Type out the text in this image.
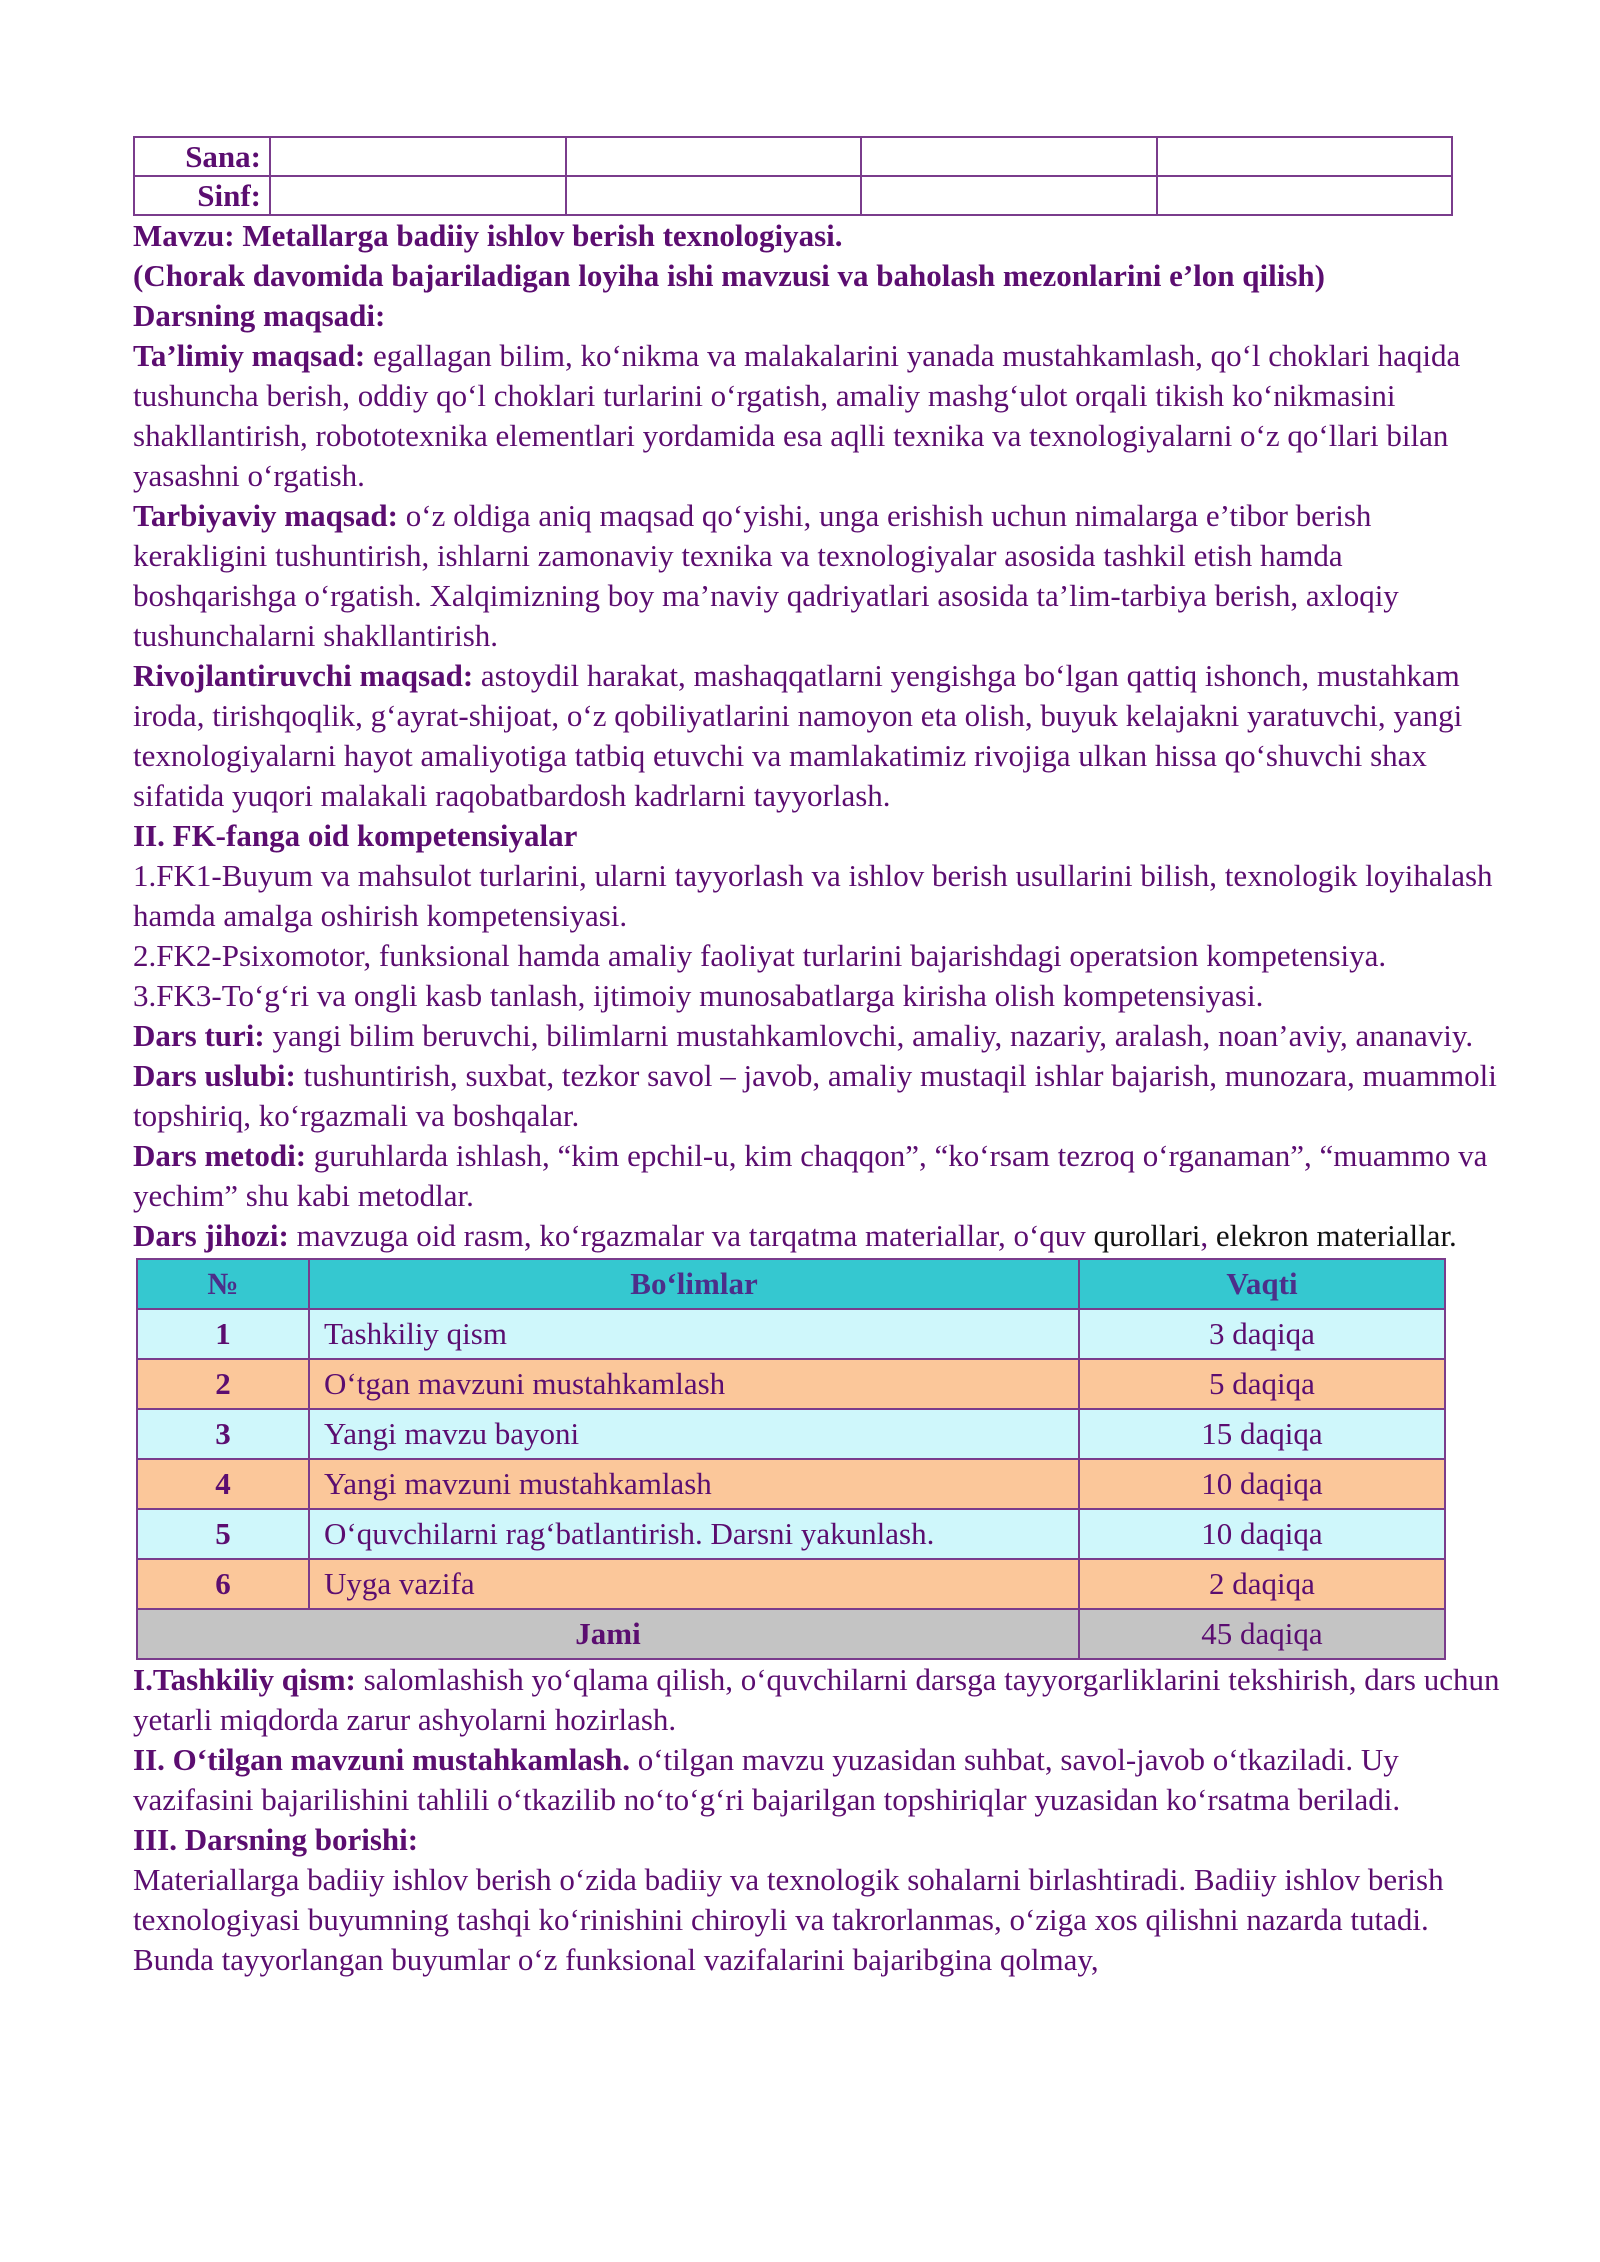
Sana:				
Sinf:				

Mavzu: Metallarga badiiy ishlov berish texnologiyasi.

(Chorak davomida bajariladigan loyiha ishi mavzusi va baholash mezonlarini e’lon qilish)

Darsning maqsadi:

Ta’limiy maqsad: egallagan bilim, koʻnikma va malakalarini yanada mustahkamlash, qoʻl choklari haqida tushuncha berish, oddiy qoʻl choklari turlarini oʻrgatish, amaliy mashgʻulot orqali tikish koʻnikmasini shakllantirish, robototexnika elementlari yordamida esa aqlli texnika va texnologiyalarni oʻz qoʻllari bilan yasashni oʻrgatish.

Tarbiyaviy maqsad: oʻz oldiga aniq maqsad qoʻyishi, unga erishish uchun nimalarga e’tibor berish kerakligini tushuntirish, ishlarni zamonaviy texnika va texnologiyalar asosida tashkil etish hamda boshqarishga oʻrgatish. Xalqimizning boy ma’naviy qadriyatlari asosida ta’lim-tarbiya berish, axloqiy tushunchalarni shakllantirish.

Rivojlantiruvchi maqsad: astoydil harakat, mashaqqatlarni yengishga boʻlgan qattiq ishonch, mustahkam iroda, tirishqoqlik, gʻayrat-shijoat, oʻz qobiliyatlarini namoyon eta olish, buyuk kelajakni yaratuvchi, yangi texnologiyalarni hayot amaliyotiga tatbiq etuvchi va mamlakatimiz rivojiga ulkan hissa qoʻshuvchi shax sifatida yuqori malakali raqobatbardosh kadrlarni tayyorlash.

II. FK-fanga oid kompetensiyalar

1.FK1-Buyum va mahsulot turlarini, ularni tayyorlash va ishlov berish usullarini bilish, texnologik loyihalash hamda amalga oshirish kompetensiyasi.

2.FK2-Psixomotor, funksional hamda amaliy faoliyat turlarini bajarishdagi operatsion kompetensiya.

3.FK3-Toʻgʻri va ongli kasb tanlash, ijtimoiy munosabatlarga kirisha olish kompetensiyasi.

Dars turi: yangi bilim beruvchi, bilimlarni mustahkamlovchi, amaliy, nazariy, aralash, noan’aviy, ananaviy.

Dars uslubi: tushuntirish, suxbat, tezkor savol – javob, amaliy mustaqil ishlar bajarish, munozara, muammoli topshiriq, koʻrgazmali va boshqalar.

Dars metodi: guruhlarda ishlash, “kim epchil-u, kim chaqqon”, “koʻrsam tezroq oʻrganaman”, “muammo va yechim” shu kabi metodlar.

Dars jihozi: mavzuga oid rasm, koʻrgazmalar va tarqatma materiallar, oʻquv qurollari, elekron materiallar.

№	Boʻlimlar	Vaqti
1	Tashkiliy qism	3 daqiqa
2	Oʻtgan mavzuni mustahkamlash	5 daqiqa
3	Yangi mavzu bayoni	15 daqiqa
4	Yangi mavzuni mustahkamlash	10 daqiqa
5	Oʻquvchilarni ragʻbatlantirish. Darsni yakunlash.	10 daqiqa
6	Uyga vazifa	2 daqiqa
Jami		45 daqiqa

I.Tashkiliy qism: salomlashish yoʻqlama qilish, oʻquvchilarni darsga tayyorgarliklarini tekshirish, dars uchun yetarli miqdorda zarur ashyolarni hozirlash.

II. Oʻtilgan mavzuni mustahkamlash. oʻtilgan mavzu yuzasidan suhbat, savol-javob oʻtkaziladi. Uy vazifasini bajarilishini tahlili oʻtkazilib noʻtoʻgʻri bajarilgan topshiriqlar yuzasidan koʻrsatma beriladi.

III. Darsning borishi:

Materiallarga badiiy ishlov berish oʻzida badiiy va texnologik sohalarni birlashtiradi. Badiiy ishlov berish texnologiyasi buyumning tashqi koʻrinishini chiroyli va takrorlanmas, oʻziga xos qilishni nazarda tutadi. Bunda tayyorlangan buyumlar oʻz funksional vazifalarini bajaribgina qolmay,
